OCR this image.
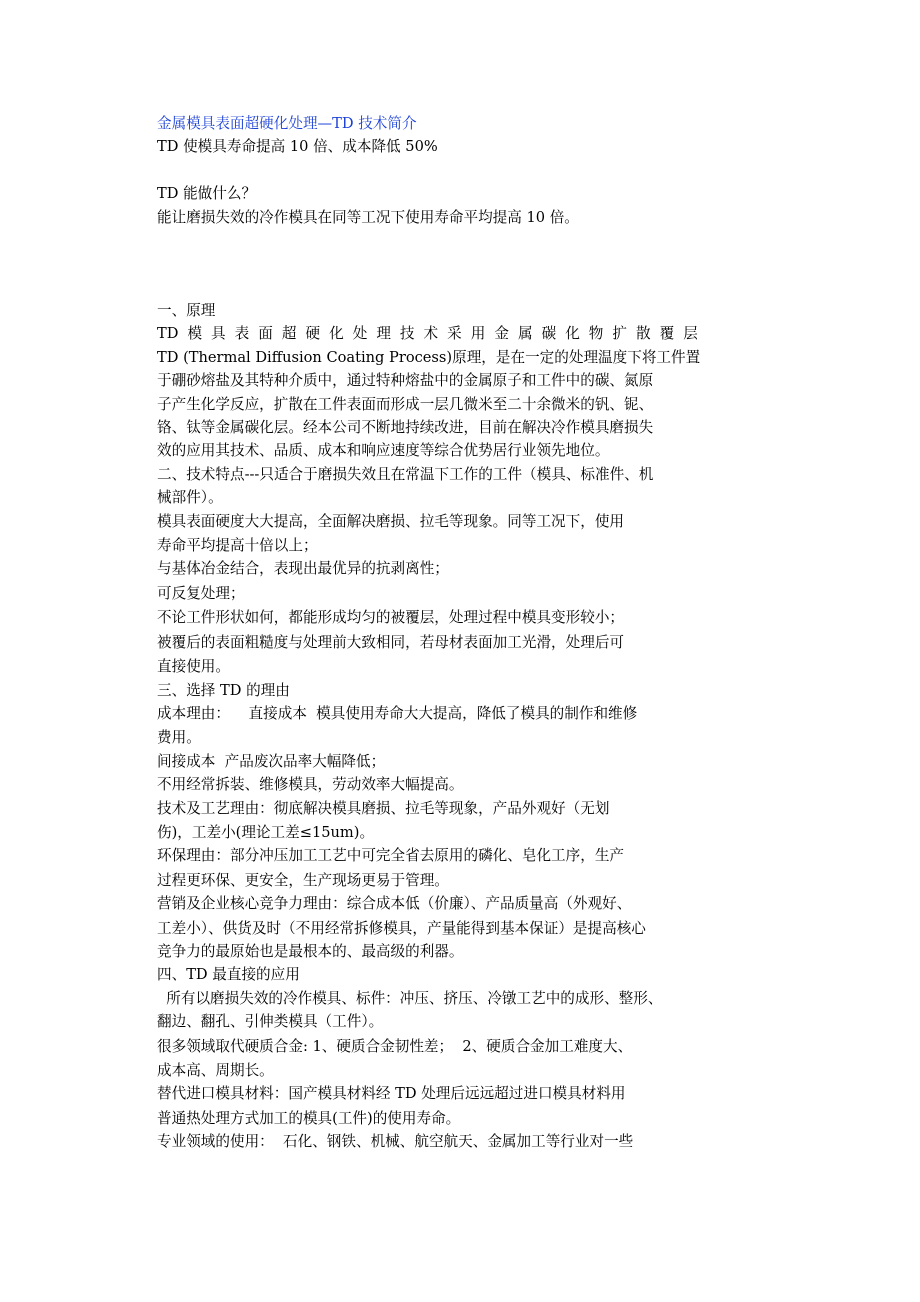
金属模具表面超硬化处理—TD 技术简介

TD 使模具寿命提高 10 倍、成本降低 50%

TD 能做什么？

能让磨损失效的冷作模具在同等工况下使用寿命平均提高 10 倍。

一、原理

TD 模 具 表 面 超 硬 化 处 理 技 术 采 用 金 属 碳 化 物 扩 散 覆 层

TD (Thermal Diffusion Coating Process)原理，是在一定的处理温度下将工件置

于硼砂熔盐及其特种介质中，通过特种熔盐中的金属原子和工件中的碳、氮原

子产生化学反应，扩散在工件表面而形成一层几微米至二十余微米的钒、铌、

铬、钛等金属碳化层。经本公司不断地持续改进，目前在解决冷作模具磨损失

效的应用其技术、品质、成本和响应速度等综合优势居行业领先地位。

二、技术特点---只适合于磨损失效且在常温下工作的工件（模具、标准件、机

械部件）。

模具表面硬度大大提高，全面解决磨损、拉毛等现象。同等工况下，使用

寿命平均提高十倍以上；

与基体冶金结合，表现出最优异的抗剥离性；

可反复处理；

不论工件形状如何，都能形成均匀的被覆层，处理过程中模具变形较小；

被覆后的表面粗糙度与处理前大致相同，若母材表面加工光滑，处理后可

直接使用。

三、选择 TD 的理由

成本理由：    直接成本  模具使用寿命大大提高，降低了模具的制作和维修

费用。

间接成本  产品废次品率大幅降低；

不用经常拆装、维修模具，劳动效率大幅提高。

技术及工艺理由：彻底解决模具磨损、拉毛等现象，产品外观好（无划

伤)，工差小(理论工差≤15um)。

环保理由：部分冲压加工工艺中可完全省去原用的磷化、皂化工序，生产

过程更环保、更安全，生产现场更易于管理。

营销及企业核心竞争力理由：综合成本低（价廉）、产品质量高（外观好、

工差小）、供货及时（不用经常拆修模具，产量能得到基本保证）是提高核心

竞争力的最原始也是最根本的、最高级的利器。

四、TD 最直接的应用

所有以磨损失效的冷作模具、标件：冲压、挤压、冷镦工艺中的成形、整形、

翻边、翻孔、引伸类模具（工件）。

很多领域取代硬质合金: 1、硬质合金韧性差；  2、硬质合金加工难度大、

成本高、周期长。

替代进口模具材料：国产模具材料经 TD 处理后远远超过进口模具材料用

普通热处理方式加工的模具(工件)的使用寿命。

专业领域的使用：  石化、钢铁、机械、航空航天、金属加工等行业对一些
